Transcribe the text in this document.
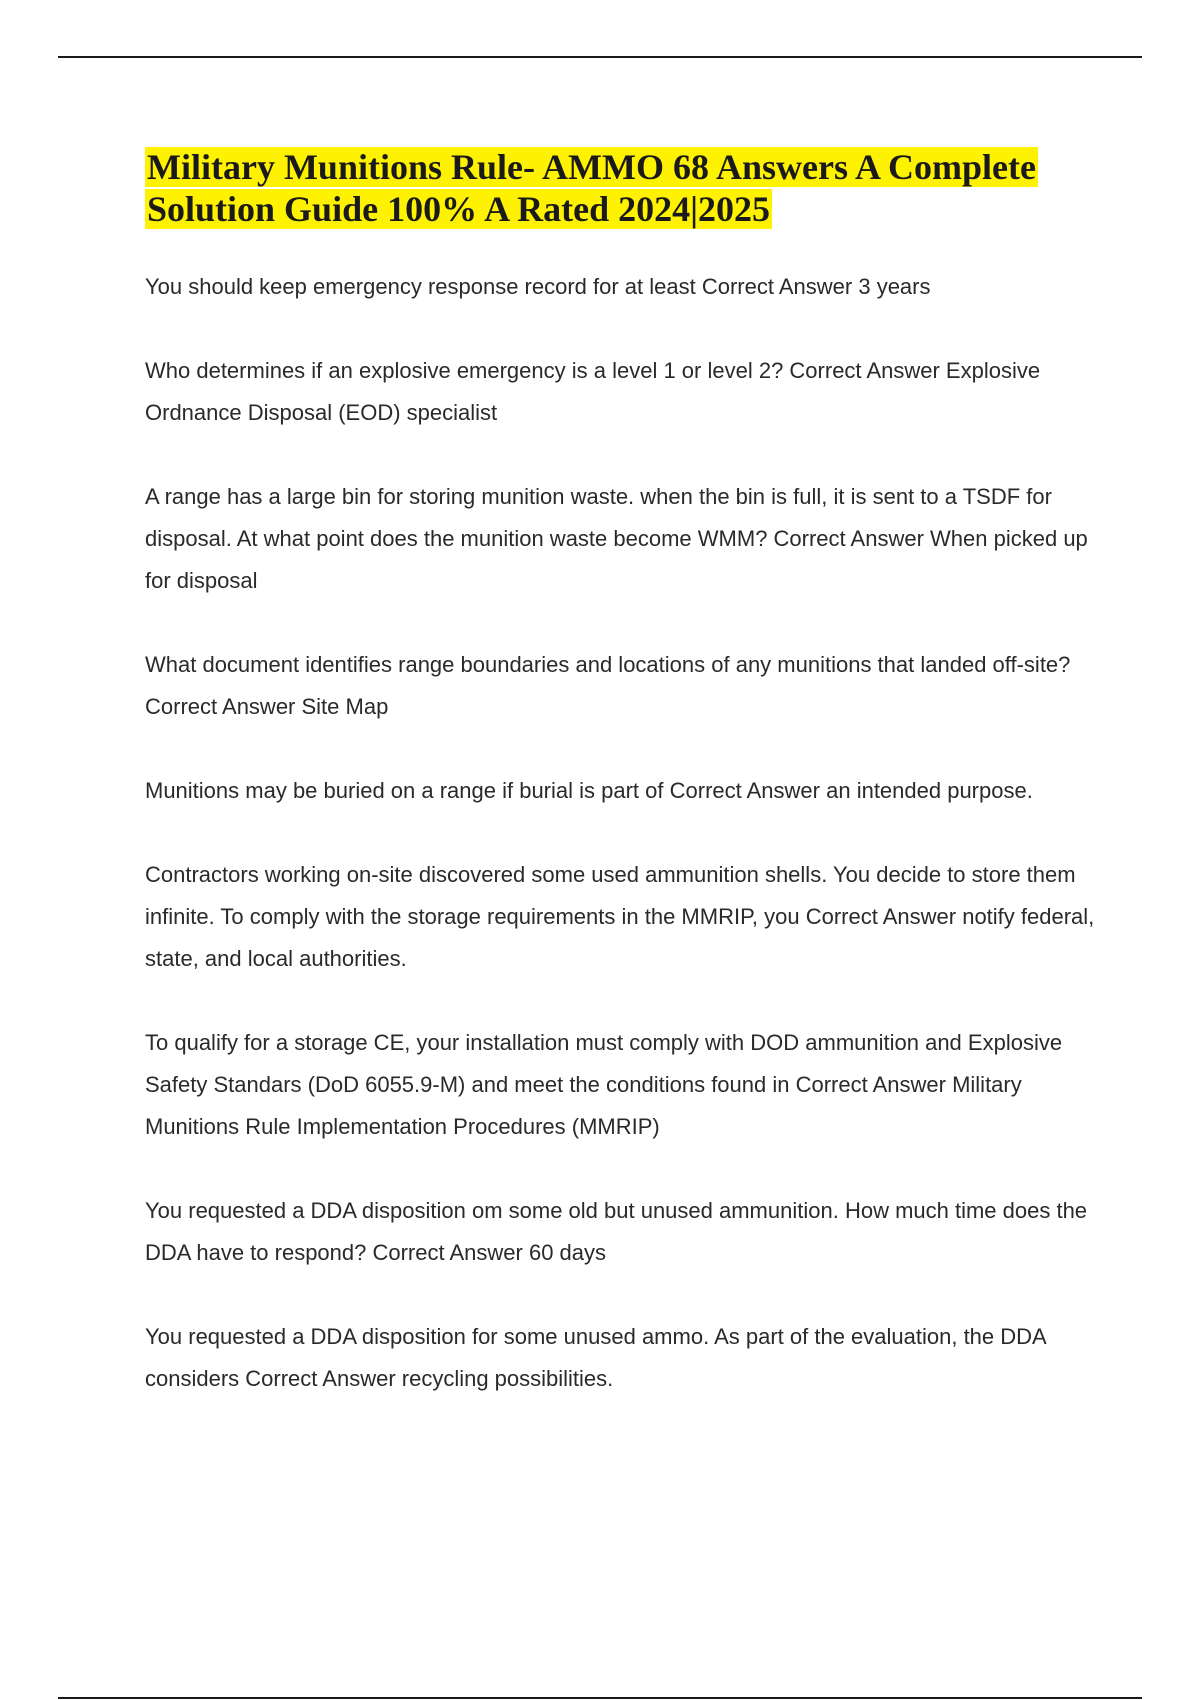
Military Munitions Rule- AMMO 68 Answers A Complete Solution Guide 100% A Rated 2024|2025

You should keep emergency response record for at least Correct Answer 3 years

Who determines if an explosive emergency is a level 1 or level 2? Correct Answer Explosive Ordnance Disposal (EOD) specialist

A range has a large bin for storing munition waste. when the bin is full, it is sent to a TSDF for disposal. At what point does the munition waste become WMM? Correct Answer When picked up for disposal

What document identifies range boundaries and locations of any munitions that landed off-site? Correct Answer Site Map

Munitions may be buried on a range if burial is part of Correct Answer an intended purpose.

Contractors working on-site discovered some used ammunition shells. You decide to store them infinite. To comply with the storage requirements in the MMRIP, you Correct Answer notify federal, state, and local authorities.

To qualify for a storage CE, your installation must comply with DOD ammunition and Explosive Safety Standars (DoD 6055.9-M) and meet the conditions found in Correct Answer Military Munitions Rule Implementation Procedures (MMRIP)

You requested a DDA disposition om some old but unused ammunition. How much time does the DDA have to respond? Correct Answer 60 days

You requested a DDA disposition for some unused ammo. As part of the evaluation, the DDA considers Correct Answer recycling possibilities.
